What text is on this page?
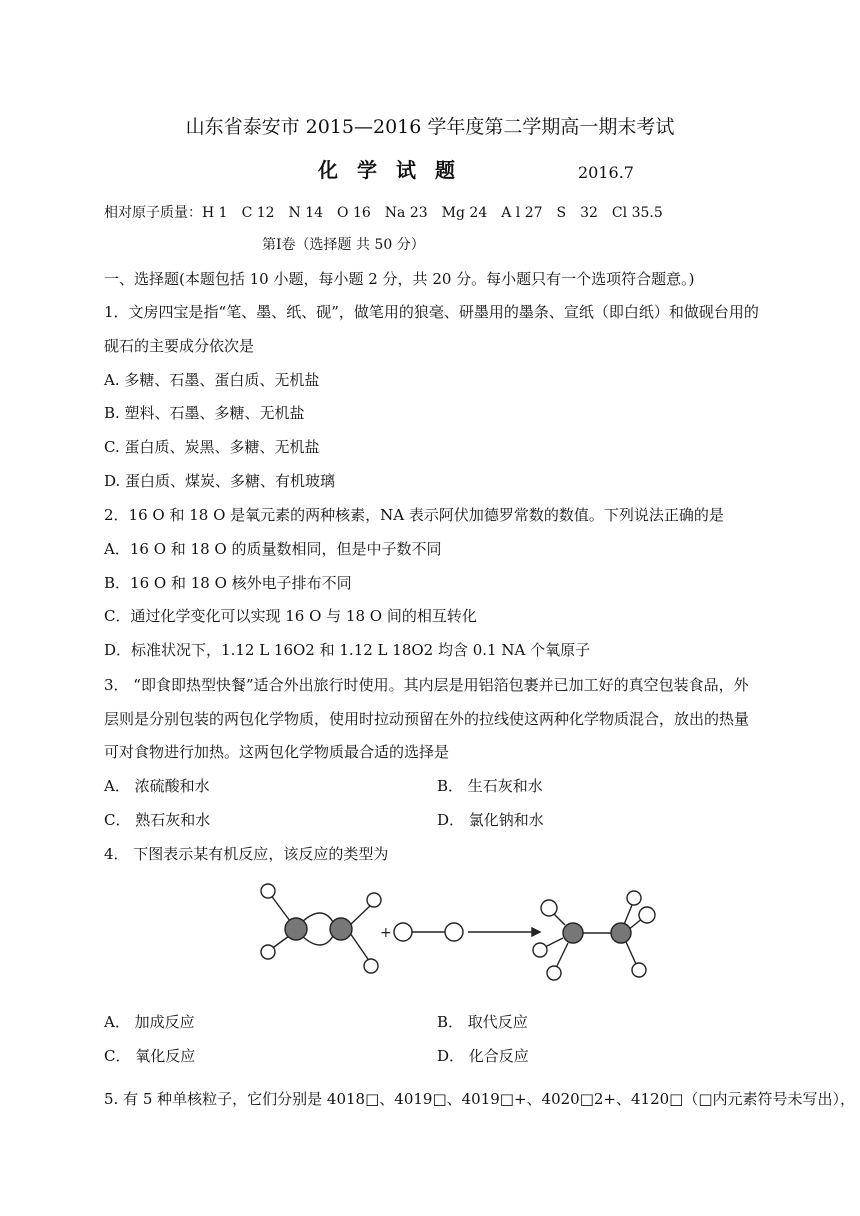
山东省泰安市 2015—2016 学年度第二学期高一期末考试
化学试题	2016.7
相对原子质量：H 1　C 12　N 14　O 16　Na 23　Mg 24　A l 27　S　32　Cl 35.5
第Ⅰ卷（选择题 共 50 分）
一、选择题(本题包括 10 小题，每小题 2 分，共 20 分。每小题只有一个选项符合题意。)
1．文房四宝是指“笔、墨、纸、砚”，做笔用的狼毫、研墨用的墨条、宣纸（即白纸）和做砚台用的
砚石的主要成分依次是
A. 多糖、石墨、蛋白质、无机盐
B. 塑料、石墨、多糖、无机盐
C. 蛋白质、炭黑、多糖、无机盐
D. 蛋白质、煤炭、多糖、有机玻璃
2．16 O 和 18 O 是氧元素的两种核素，NA 表示阿伏加德罗常数的数值。下列说法正确的是
A．16 O 和 18 O 的质量数相同，但是中子数不同
B．16 O 和 18 O 核外电子排布不同
C．通过化学变化可以实现 16 O 与 18 O 间的相互转化
D．标准状况下，1.12 L 16O2 和 1.12 L 18O2 均含 0.1 NA 个氧原子
3． “即食即热型快餐”适合外出旅行时使用。其内层是用铝箔包裹并已加工好的真空包装食品，外
层则是分别包装的两包化学物质，使用时拉动预留在外的拉线使这两种化学物质混合，放出的热量
可对食物进行加热。这两包化学物质最合适的选择是
A． 浓硫酸和水	B． 生石灰和水
C． 熟石灰和水	D． 氯化钠和水
4． 下图表示某有机反应，该反应的类型为
+
A． 加成反应	B． 取代反应
C． 氧化反应	D． 化合反应
5. 有 5 种单核粒子，它们分别是 4018□、4019□、4019□+、4020□2+、4120□（□内元素符号未写出），
